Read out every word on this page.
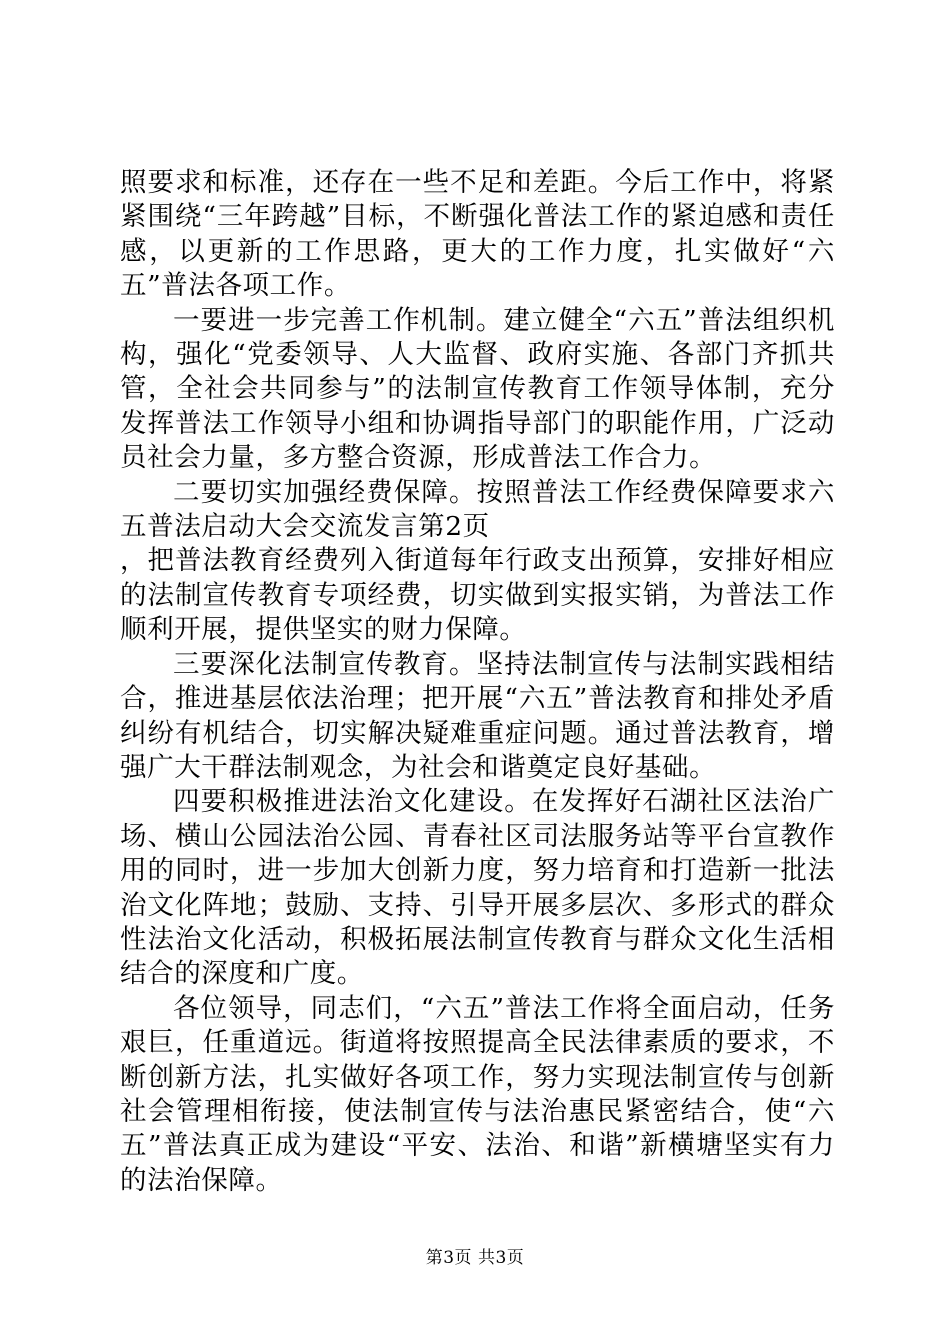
照要求和标准，还存在一些不足和差距。今后工作中，将紧紧围绕“三年跨越”目标，不断强化普法工作的紧迫感和责任感，以更新的工作思路，更大的工作力度，扎实做好“六五”普法各项工作。

一要进一步完善工作机制。建立健全“六五”普法组织机构，强化“党委领导、人大监督、政府实施、各部门齐抓共管，全社会共同参与”的法制宣传教育工作领导体制，充分发挥普法工作领导小组和协调指导部门的职能作用，广泛动员社会力量，多方整合资源，形成普法工作合力。

二要切实加强经费保障。按照普法工作经费保障要求六五普法启动大会交流发言第2页

，把普法教育经费列入街道每年行政支出预算，安排好相应的法制宣传教育专项经费，切实做到实报实销，为普法工作顺利开展，提供坚实的财力保障。

三要深化法制宣传教育。坚持法制宣传与法制实践相结合，推进基层依法治理；把开展“六五”普法教育和排处矛盾纠纷有机结合，切实解决疑难重症问题。通过普法教育，增强广大干群法制观念，为社会和谐奠定良好基础。

四要积极推进法治文化建设。在发挥好石湖社区法治广场、横山公园法治公园、青春社区司法服务站等平台宣教作用的同时，进一步加大创新力度，努力培育和打造新一批法治文化阵地；鼓励、支持、引导开展多层次、多形式的群众性法治文化活动，积极拓展法制宣传教育与群众文化生活相结合的深度和广度。

各位领导，同志们，“六五”普法工作将全面启动，任务艰巨，任重道远。街道将按照提高全民法律素质的要求，不断创新方法，扎实做好各项工作，努力实现法制宣传与创新社会管理相衔接，使法制宣传与法治惠民紧密结合，使“六五”普法真正成为建设“平安、法治、和谐”新横塘坚实有力的法治保障。

第3页 共3页
